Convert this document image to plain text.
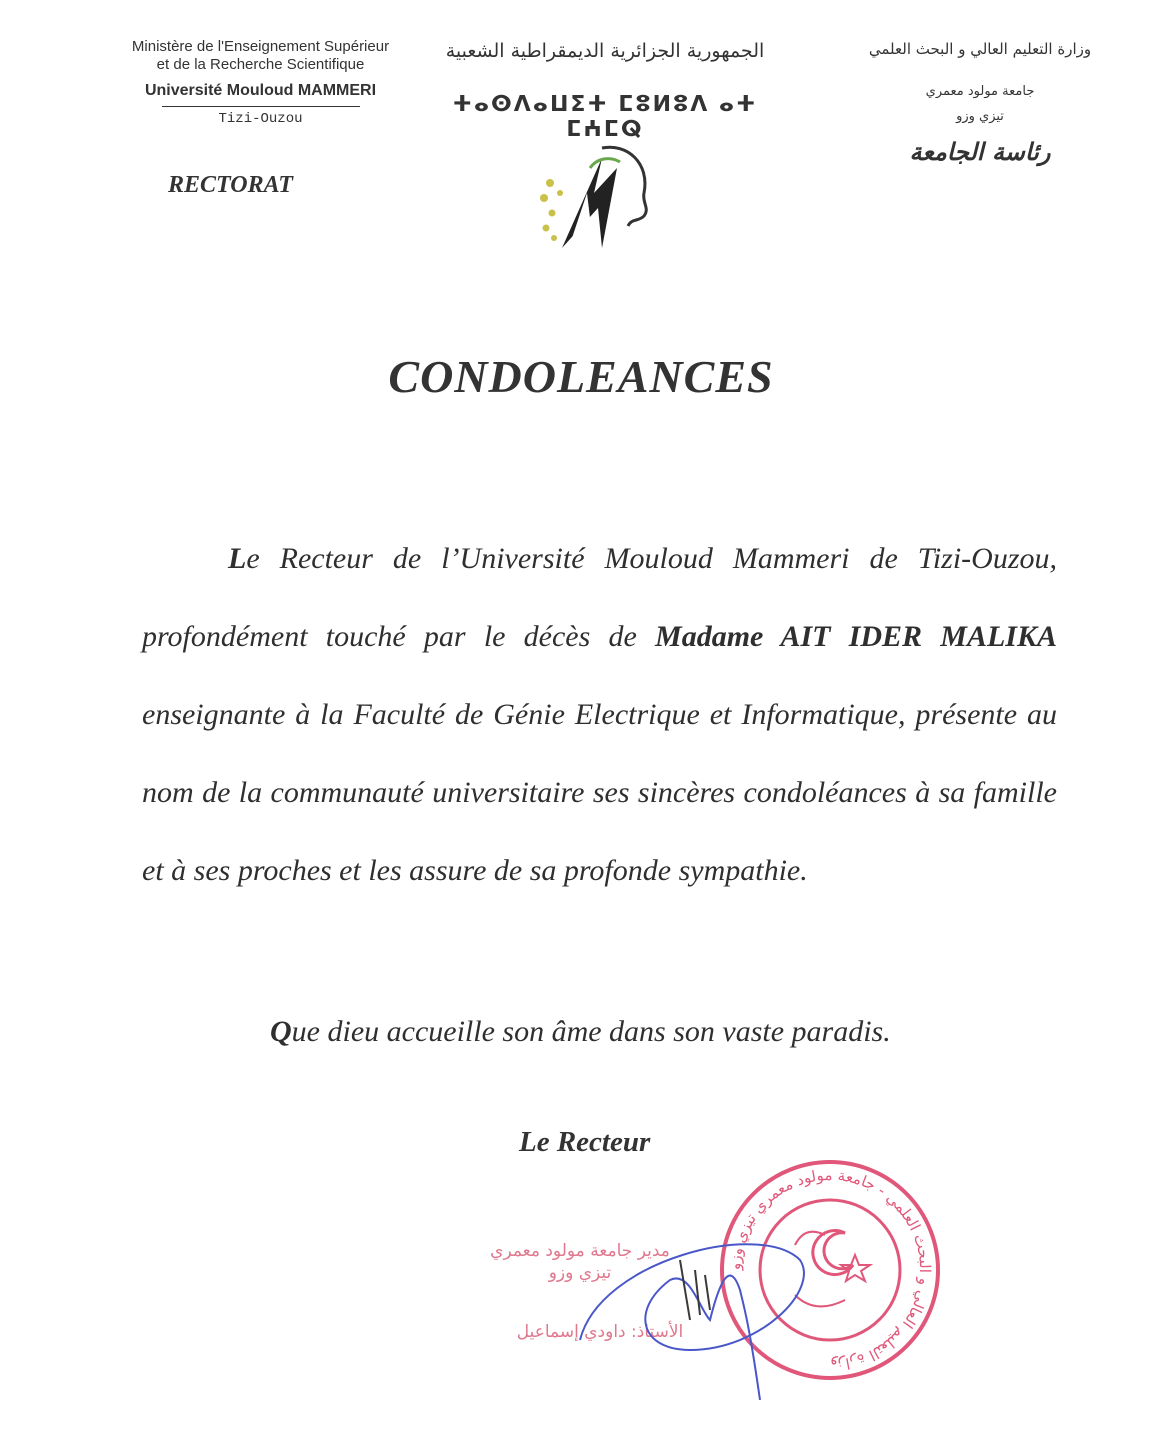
Ministère de l'Enseignement Supérieur
et de la Recherche Scientifique
Université Mouloud MAMMERI
Tizi-Ouzou
RECTORAT
الجمهورية الجزائرية الديمقراطية الشعبية
ⵜⴰⵙⴷⴰⵡⵉⵜ ⵎⵓⵍⵓⴷ ⴰⵜ ⵎⵄⵎⵕ
وزارة التعليم العالي و البحث العلمي
جامعة مولود معمري
تيزي وزو
رئاسة الجامعة
CONDOLEANCES

Le Recteur de l’Université Mouloud Mammeri de Tizi-Ouzou, profondément touché par le décès de Madame AIT IDER MALIKA enseignante à la Faculté de Génie Electrique et Informatique, présente au nom de la communauté universitaire ses sincères condoléances à sa famille et à ses proches et les assure de sa profonde sympathie.

Que dieu accueille son âme dans son vaste paradis.
Le Recteur
مدير جامعة مولود معمري
تيزي وزو
الأستاذ: داودي إسماعيل
وزارة التعليم العالي و البحث العلمي - جامعة مولود معمري تيزي وزو
